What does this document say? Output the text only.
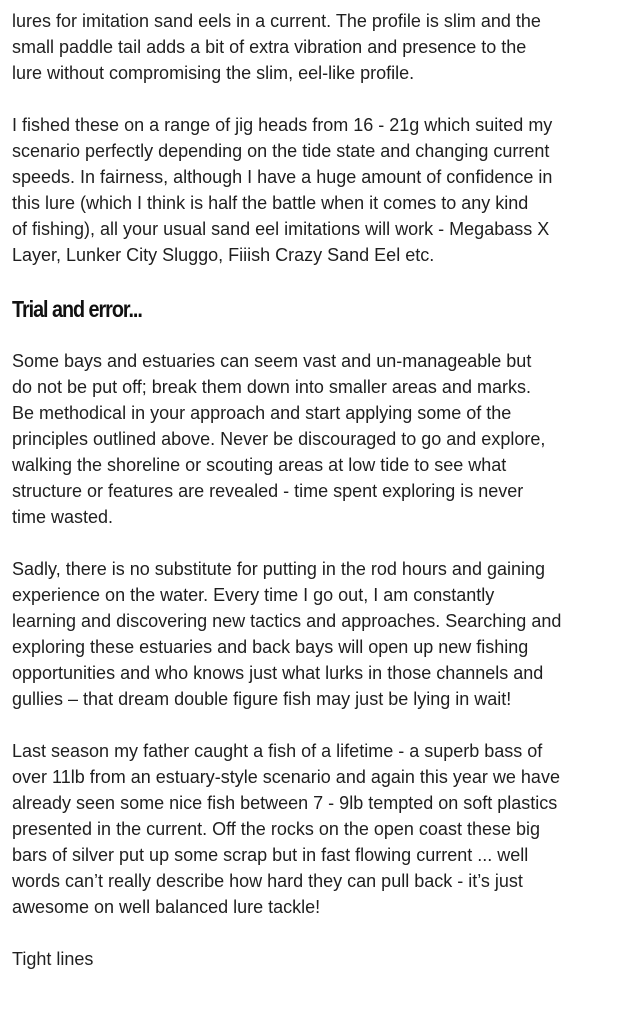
lures for imitation sand eels in a current. The profile is slim and the
small paddle tail adds a bit of extra vibration and presence to the
lure without compromising the slim, eel-like profile.

I fished these on a range of jig heads from 16 - 21g which suited my
scenario perfectly depending on the tide state and changing current
speeds. In fairness, although I have a huge amount of confidence in
this lure (which I think is half the battle when it comes to any kind
of fishing), all your usual sand eel imitations will work - Megabass X
Layer, Lunker City Sluggo, Fiiish Crazy Sand Eel etc.

Trial and error...

Some bays and estuaries can seem vast and un-manageable but
do not be put off; break them down into smaller areas and marks.
Be methodical in your approach and start applying some of the
principles outlined above. Never be discouraged to go and explore,
walking the shoreline or scouting areas at low tide to see what
structure or features are revealed - time spent exploring is never
time wasted.

Sadly, there is no substitute for putting in the rod hours and gaining
experience on the water. Every time I go out, I am constantly
learning and discovering new tactics and approaches. Searching and
exploring these estuaries and back bays will open up new fishing
opportunities and who knows just what lurks in those channels and
gullies – that dream double figure fish may just be lying in wait!

Last season my father caught a fish of a lifetime - a superb bass of
over 11lb from an estuary-style scenario and again this year we have
already seen some nice fish between 7 - 9lb tempted on soft plastics
presented in the current. Off the rocks on the open coast these big
bars of silver put up some scrap but in fast flowing current ... well
words can’t really describe how hard they can pull back - it’s just
awesome on well balanced lure tackle!

Tight lines
